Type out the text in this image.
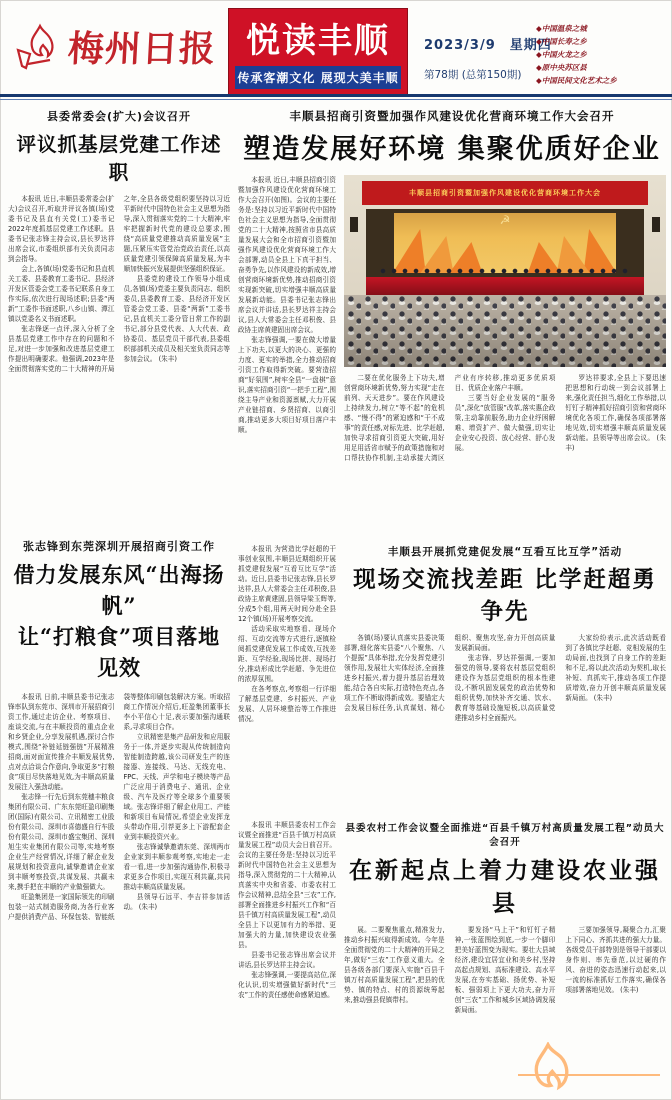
梅州日报 悦读丰顺
传承客潮文化 展现大美丰顺
2023/3/9　星期四
第78期 (总第150期)

◆中国温泉之城

◆中国长寿之乡

◆中国火龙之乡

◆原中央苏区县

◆中国民间文化艺术之乡

县委常委会(扩大)会议召开
评议抓基层党建工作述职

本报讯 近日,丰顺县委常委会(扩大)会议召开,听取并评议各镇(场)党委书记及县直有关党(工)委书记2022年度抓基层党建工作述职。县委书记张志锋主持会议,县长罗达祥出席会议,市委组织部有关负责同志到会指导。

会上,各镇(场)党委书记和县直机关工委、县委教育工委书记、县经济开发区管委会党工委书记联系自身工作实际,依次进行现场述职;县委“两新”工委作书面述职,八乡山镇、潭江镇以党委名义书面述职。

张志锋逐一点评,深入分析了全县基层党建工作中存在的问题和不足,对进一步加强和改进基层党建工作提出明确要求。他强调,2023年是全面贯彻落实党的二十大精神的开局之年,全县各级党组织要坚持以习近平新时代中国特色社会主义思想为指导,深入贯彻落实党的二十大精神,牢牢把握新时代党的建设总要求,围绕“高质量党建推动高质量发展”主题,压紧压实管党治党政治责任,以高质量党建引领保障高质量发展,为丰顺加快振兴发展提供坚强组织保证。

县委党的建设工作领导小组成员,各镇(场)党委主要负责同志、组织委员,县委教育工委、县经济开发区管委会党工委、县委“两新”工委书记,县直机关工委分管日常工作的副书记,部分县党代表、人大代表、政协委员、基层党员干部代表,县委组织部部机关成员及相关室负责同志等参加会议。 (朱丰)

丰顺县招商引资暨加强作风建设优化营商环境工作大会召开
塑造发展好环境 集聚优质好企业

本报讯 近日,丰顺县招商引资暨加强作风建设优化营商环境工作大会召开(如图)。会议的主要任务是:坚持以习近平新时代中国特色社会主义思想为指导,全面贯彻党的二十大精神,按照省市县高质量发展大会和全市招商引资暨加强作风建设优化营商环境工作大会部署,动员全县上下真干担当、奋勇争先,以作风建设的新成效,增创营商环境新优势,推动招商引资实现新突破,切实增强丰顺高质量发展新动能。县委书记张志锋出席会议并讲话,县长罗达祥主持会议,县人大常委会主任邓积俊、县政协主席黄建固出席会议。

张志锋强调,一要在做大增量上下功夫,以更大的决心、更强的力度、更实的举措,全力推动招商引资工作取得新突破。要营造招商“好氛围”,树牢全县“一盘棋”意识,落实招商引资“一把手工程”,围绕主导产业和资源禀赋,大力开展产业链招商、乡贤招商、以商引商,推动更多大项目好项目落户丰顺。

丰顺县招商引资暨加强作风建设优化营商环境工作大会
☭

二要在优化服务上下功夫,增创营商环境新优势,努力实现“走在前列、天天进步”。要在作风建设上持续发力,树立“等不起”的危机感、“慢不得”的紧迫感和“干不成事”的责任感,对标先进、比学赶超,加快寻求招商引资更大突破,用好用足用活省市赋予的政策措施和对口帮扶协作机制,主动承接大湾区产业有序转移,推动更多优质项目、优质企业落户丰顺。

三要当好企业发展的“服务员”,深化“放管服”改革,落实惠企政策,主动靠前服务,助力企业纾困解难、增资扩产、做大做强,切实让企业安心投资、放心经营、舒心发展。

罗达祥要求,全县上下要迅速把思想和行动统一到会议部署上来,强化责任担当,细化工作举措,以钉钉子精神抓好招商引资和营商环境优化各项工作,确保各项部署落地见效,切实增强丰顺高质量发展新动能。县领导等出席会议。 (朱丰)

张志锋到东莞深圳开展招商引资工作
借力发展东风“出海扬帆”
让“打粮食”项目落地见效

本报讯 日前,丰顺县委书记张志锋率队到东莞市、深圳市开展招商引资工作,通过走访企业、考察项目、座谈交流,与在丰顺投资的重点企业和乡贤企业,分享发展机遇,探讨合作模式,围绕“补链延链强链”开展精准招商,面对面宣传推介丰顺发展优势,点对点洽谈合作意向,争取更多“打粮食”项目尽快落地见效,为丰顺高质量发展注入强劲动能。

张志锋一行先后到东莞穗丰粮食集团有限公司、广东东莞旺盈印刷集团(国际)有限公司、立讯精密工业股份有限公司、深圳市喜德盛自行车股份有限公司、深圳市盛宝集团、深圳旭生实业集团有限公司等,实地考察企业生产经营情况,详细了解企业发展规划和投资意向,诚挚邀请企业家到丰顺考察投资,共谋发展、共赢未来,携手把在丰顺的产业做强做大。

旺盈集团是一家国际领先的印刷包装一站式制造服务商,为各行业客户提供消费产品、环保包装、智能纸袋等整体印刷包装解决方案。听取招商工作情况介绍后,旺盈集团董事长李小平信心十足,表示要加强沟通联系,寻求项目合作。

立讯精密是集产品研发和应用服务于一体,并逐步实现从传统制造向智能制造跨越,该公司研发生产的连接器、连接线、马达、无线充电、FPC、天线、声学和电子模块等产品广泛应用于消费电子、通讯、企业级、汽车及医疗等全球多个重要领域。张志锋详细了解企业用工、产能和新项目布局情况,希望企业发挥龙头带动作用,引荐更多上下游配套企业到丰顺投资兴业。

张志锋诚挚邀请东莞、深圳两市企业家到丰顺参观考察,实地走一走看一看,进一步加强沟通协作,积极寻求更多合作项目,实现互利共赢,共同推动丰顺高质量发展。

县领导石远平、李吉祥参加活动。 (朱丰)

本报讯 为营造比学赶超的干事创业氛围,丰顺县近期组织开展抓党建促发展“互看互比互学”活动。近日,县委书记张志锋,县长罗达祥,县人大常委会主任邓积俊,县政协主席黄建固,县领导梁玉辉等,分成5个组,用两天时间分赴全县12个镇(场)开展考察交流。

活动采取实地察看、现场介绍、互动交流等方式进行,逐镇检阅抓党建促发展工作成效,互找差距、互学经验,现场比拼、现场打分,推动形成比学赶超、争先进位的浓厚氛围。

在各考察点,考察组一行详细了解基层党建、乡村振兴、产业发展、人居环境整治等工作推进情况。

丰顺县开展抓党建促发展“互看互比互学”活动
现场交流找差距 比学赶超勇争先

各镇(场)要认真落实县委决策部署,细化落实县委“八个聚焦、八个提振”具体举措,充分发挥党建引领作用,发展壮大实体经济,全面推进乡村振兴,着力提升基层治理效能,结合各自实际,打造特色亮点,各项工作不断取得新成效。要锚定大会发展目标任务,认真谋划、精心组织、聚焦攻坚,奋力开创高质量发展新局面。

张志锋、罗达祥强调,一要加强党的领导,要将农村基层党组织建设作为基层党组织的根本性建设,不断巩固发展党的政治优势和组织优势,加快补齐交通、饮水、教育等基础设施短板,以高质量党建推动乡村全面振兴。

大家纷纷表示,此次活动既看到了各镇比学赶超、竞相发展的生动局面,也找到了自身工作的差距和不足,将以此次活动为契机,取长补短、真抓实干,推动各项工作提质增效,奋力开创丰顺高质量发展新局面。 (朱丰)

本报讯 丰顺县委农村工作会议暨全面推进“百县千镇万村高质量发展工程”动员大会日前召开。会议的主要任务是:坚持以习近平新时代中国特色社会主义思想为指导,深入贯彻党的二十大精神,认真落实中央和省委、市委农村工作会议精神,总结全县“三农”工作,部署全面推进乡村振兴工作和“百县千镇万村高质量发展工程”,动员全县上下以更加有力的举措、更加强大的力量,加快建设农业强县。

县委书记张志锋出席会议并讲话,县长罗达祥主持会议。

张志锋强调,一要提高站位,深化认识,切实增强做好新时代“三农”工作的责任感使命感紧迫感。

县委农村工作会议暨全面推进“百县千镇万村高质量发展工程”动员大会召开
在新起点上着力建设农业强县

展。二要聚焦重点,精准发力,推动乡村振兴取得新成效。今年是全面贯彻党的二十大精神的开局之年,做好“三农”工作意义重大。全县各级各部门要深入实施“百县千镇万村高质量发展工程”,把县的优势、镇的特点、村的资源统筹起来,推动强县促镇带村。

要发扬“马上干”和钉钉子精神,一张蓝图绘到底,一步一个脚印把美好蓝图变为现实。要壮大县域经济,建设宜居宜业和美乡村,坚持高起点规划、高标准建设、高水平发展,在夯实基础、扬优势、补短板、强弱项上下更大功夫,奋力开创“三农”工作和城乡区域协调发展新局面。

三要加强领导,凝聚合力,汇聚上下同心、齐抓共进的强大力量。各级党员干部特别是领导干部要以身作则、率先垂范,以过硬的作风、奋进的姿态迅速行动起来,以一流的标准抓好工作落实,确保各项部署落地见效。 (朱丰)
